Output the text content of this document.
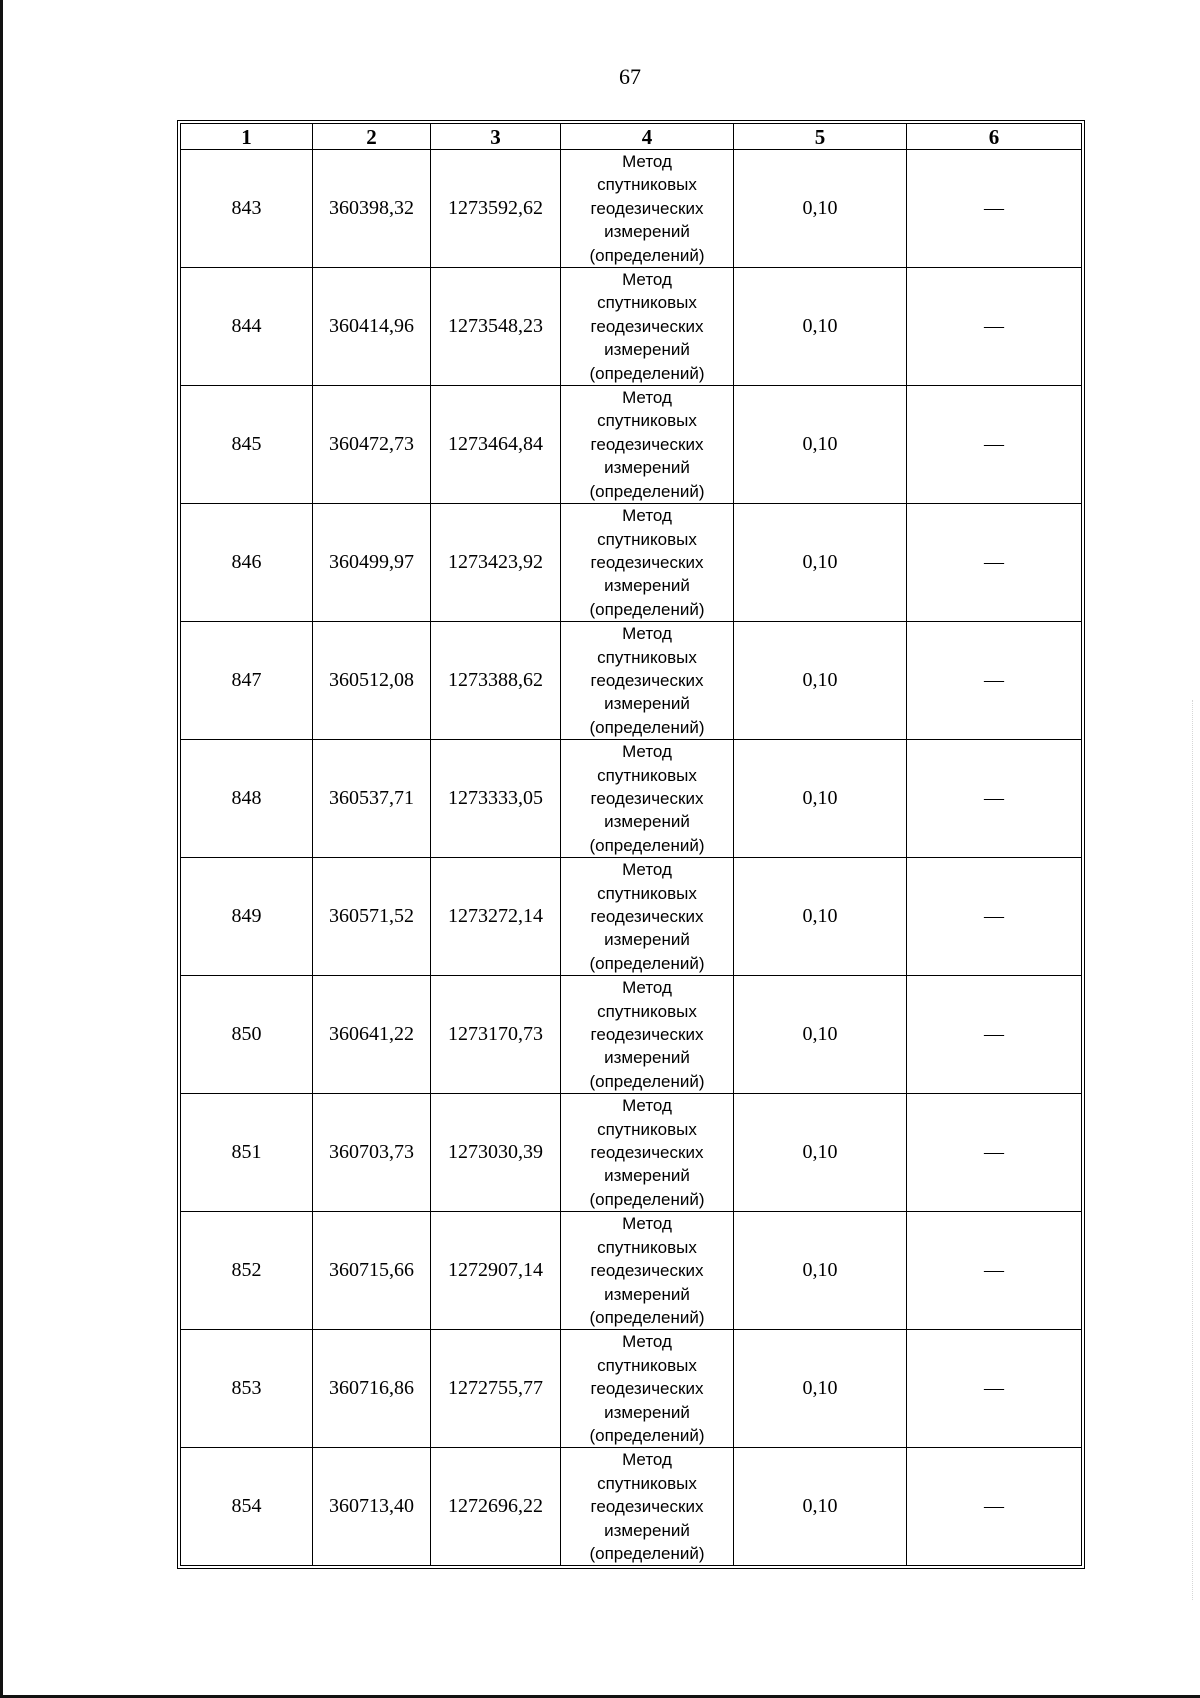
67
1	2	3	4	5	6
843	360398,32	1273592,62	Метод
спутниковых
геодезических
измерений
(определений)	0,10	—
844	360414,96	1273548,23	Метод
спутниковых
геодезических
измерений
(определений)	0,10	—
845	360472,73	1273464,84	Метод
спутниковых
геодезических
измерений
(определений)	0,10	—
846	360499,97	1273423,92	Метод
спутниковых
геодезических
измерений
(определений)	0,10	—
847	360512,08	1273388,62	Метод
спутниковых
геодезических
измерений
(определений)	0,10	—
848	360537,71	1273333,05	Метод
спутниковых
геодезических
измерений
(определений)	0,10	—
849	360571,52	1273272,14	Метод
спутниковых
геодезических
измерений
(определений)	0,10	—
850	360641,22	1273170,73	Метод
спутниковых
геодезических
измерений
(определений)	0,10	—
851	360703,73	1273030,39	Метод
спутниковых
геодезических
измерений
(определений)	0,10	—
852	360715,66	1272907,14	Метод
спутниковых
геодезических
измерений
(определений)	0,10	—
853	360716,86	1272755,77	Метод
спутниковых
геодезических
измерений
(определений)	0,10	—
854	360713,40	1272696,22	Метод
спутниковых
геодезических
измерений
(определений)	0,10	—
